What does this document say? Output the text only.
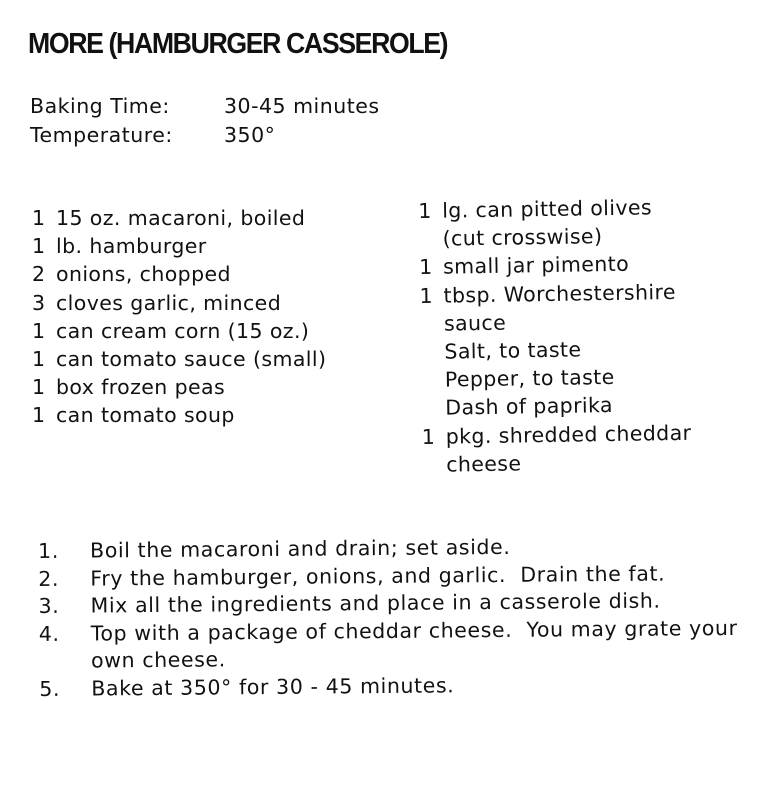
MORE (HAMBURGER CASSEROLE)
Baking Time:	30-45 minutes
Temperature:	350°
1 15 oz. macaroni, boiled
1 lb. hamburger
2 onions, chopped
3 cloves garlic, minced
1 can cream corn (15 oz.)
1 can tomato sauce (small)
1 box frozen peas
1 can tomato soup
1 lg. can pitted olives
(cut crosswise)
1 small jar pimento
1 tbsp. Worchestershire
sauce
Salt, to taste
Pepper, to taste
Dash of paprika
1 pkg. shredded cheddar
cheese
1.	Boil the macaroni and drain; set aside.
2.	Fry the hamburger, onions, and garlic.  Drain the fat.
3.	Mix all the ingredients and place in a casserole dish.
4.	Top with a package of cheddar cheese.  You may grate your own cheese.
5.	Bake at 350° for 30 - 45 minutes.
